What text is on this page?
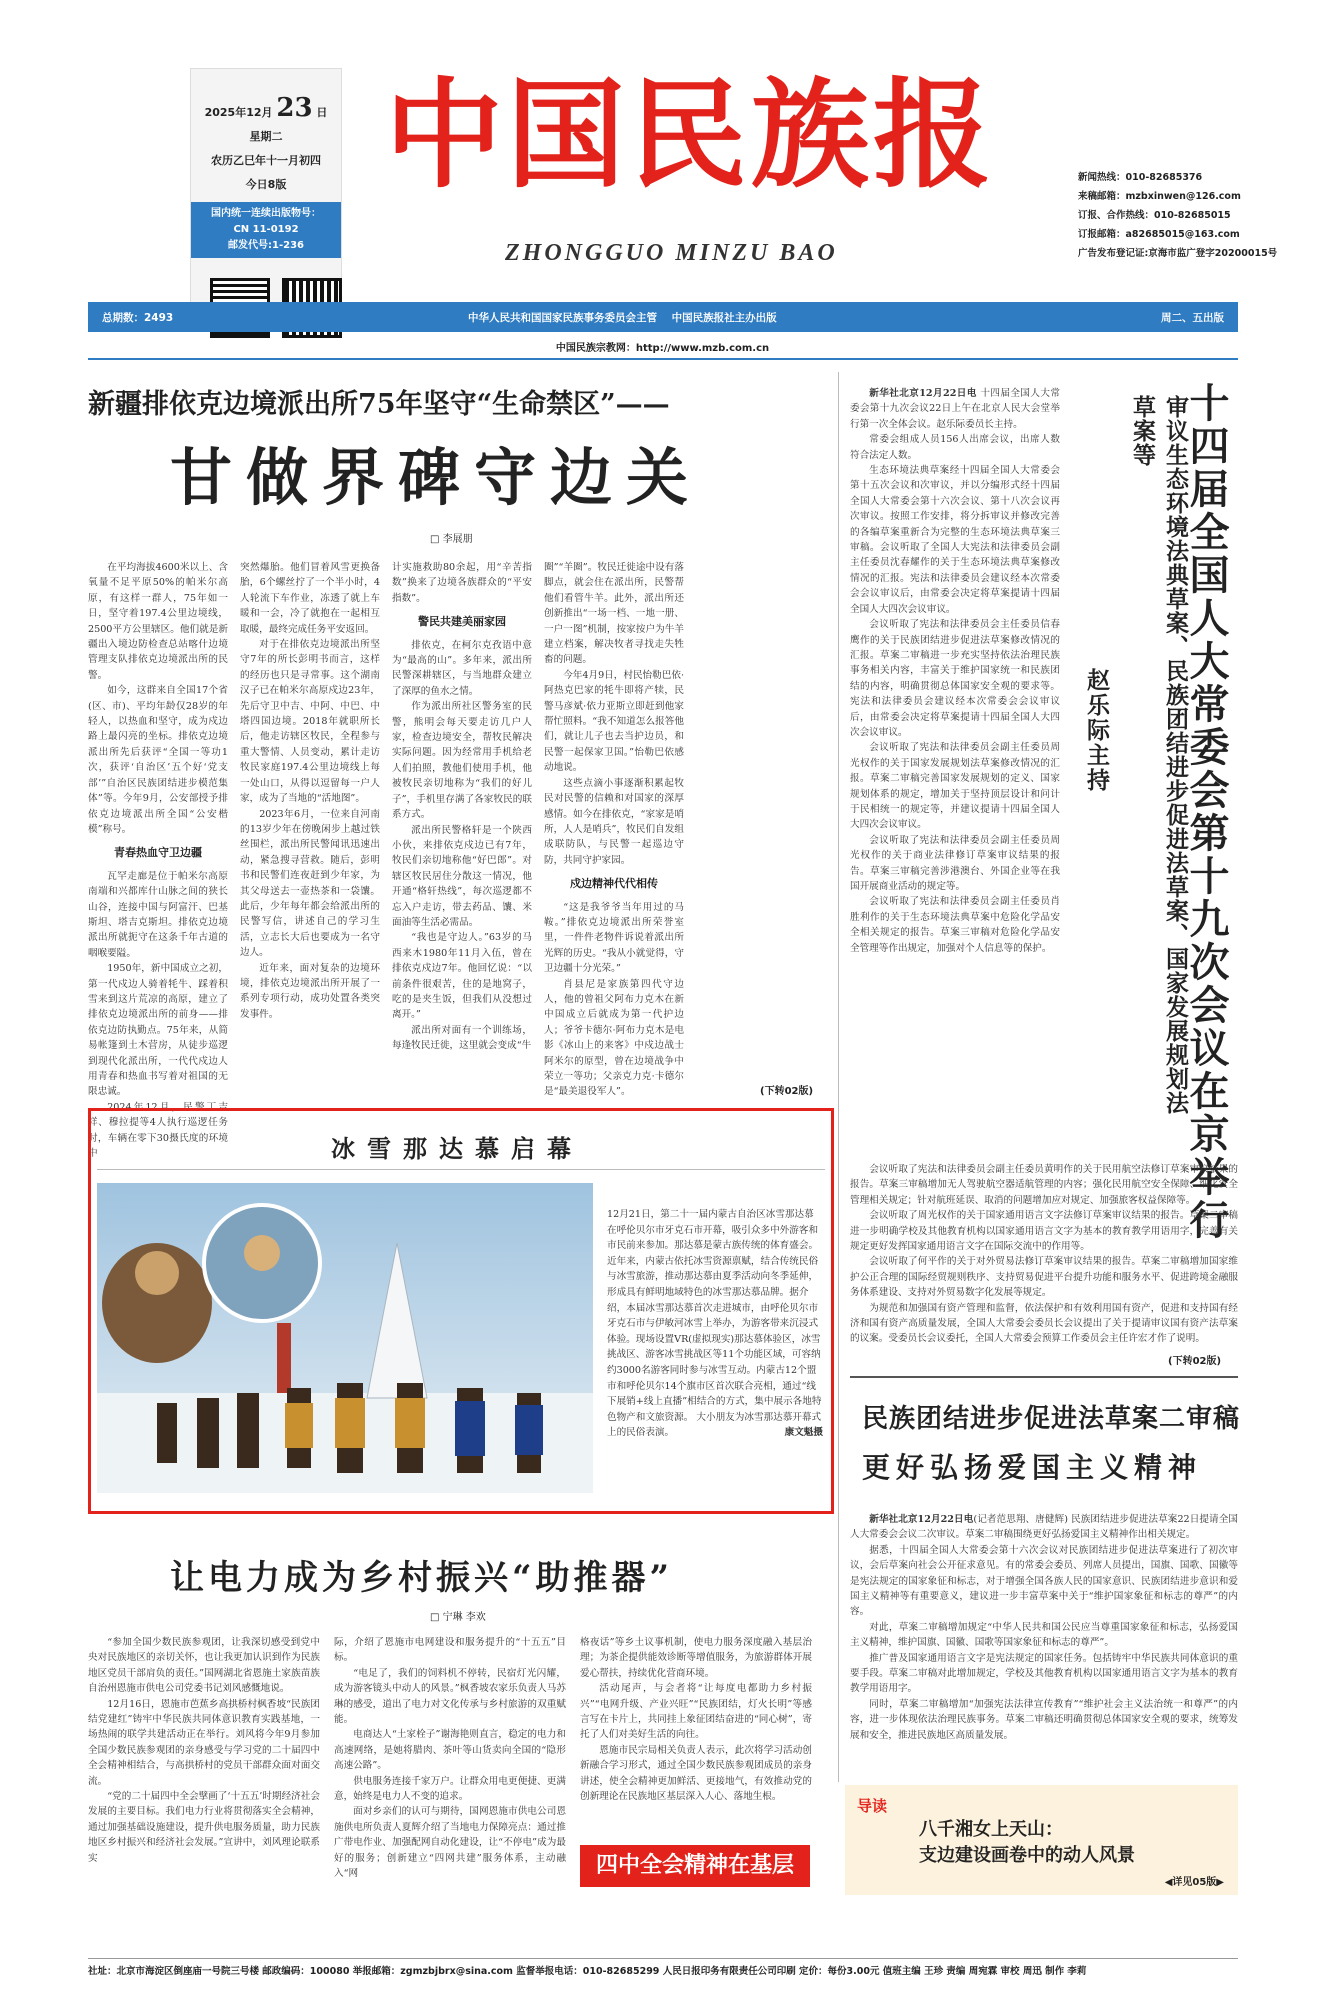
2025年12月 23 日
星期二
农历乙巳年十一月初四
今日8版
国内统一连续出版物号：
CN 11-0192
邮发代号:1-236
中国民族报
ZHONGGUO MINZU BAO
新闻热线：010-82685376
来稿邮箱：mzbxinwen@126.com
订报、合作热线：010-82685015
订报邮箱：a82685015@163.com
广告发布登记证:京海市监广登字20200015号
总期数：2493	中华人民共和国国家民族事务委员会主管    中国民族报社主办出版	周二、五出版
中国民族宗教网：http://www.mzb.com.cn
新疆排依克边境派出所75年坚守“生命禁区”——
甘做界碑守边关
□ 李展朋

在平均海拔4600米以上、含氧量不足平原50%的帕米尔高原，有这样一群人，75年如一日，坚守着197.4公里边境线，2500平方公里辖区。他们就是新疆出入境边防检查总站喀什边境管理支队排依克边境派出所的民警。

如今，这群来自全国17个省(区、市)、平均年龄仅28岁的年轻人，以热血和坚守，成为戍边路上最闪亮的坐标。排依克边境派出所先后获评“全国一等功1次，获评‘自治区’五个好‘党支部’”自治区民族团结进步模范集体”等。今年9月，公安部授予排依克边境派出所全国“公安楷模”称号。

青春热血守卫边疆

瓦罕走廊是位于帕米尔高原南端和兴都库什山脉之间的狭长山谷，连接中国与阿富汗、巴基斯坦、塔吉克斯坦。排依克边境派出所就扼守在这条千年古道的咽喉要隘。

1950年，新中国成立之初，第一代戍边人骑着牦牛、踩着积雪来到这片荒凉的高原，建立了排依克边境派出所的前身——排依克边防执勤点。75年来，从简易帐篷到土木营房，从徒步巡逻到现代化派出所，一代代戍边人用青春和热血书写着对祖国的无限忠诚。

2024年12月，民警丁吉祥、穆拉提等4人执行巡逻任务时，车辆在零下30摄氏度的环境中

突然爆胎。他们冒着风雪更换备胎，6个螺丝拧了一个半小时，4人轮流下车作业，冻透了就上车暖和一会，冷了就抱在一起相互取暖，最终完成任务平安返回。

对于在排依克边境派出所坚守7年的所长彭明书而言，这样的经历也只是寻常事。这个湖南汉子已在帕米尔高原戍边23年，先后守卫中吉、中阿、中巴、中塔四国边境。2018年就职所长后，他走访辖区牧民，全程参与重大警情、人员变动，累计走访牧民家庭197.4公里边境线上每一处山口，从得以逗留每一户人家，成为了当地的“活地图”。

2023年6月，一位来自河南的13岁少年在傍晚闲步上越过铁丝围栏，派出所民警闻讯迅速出动，紧急搜寻营救。随后，彭明书和民警们连夜赶到少年家，为其父母送去一壶热茶和一袋馕。此后，少年每年都会给派出所的民警写信，讲述自己的学习生活，立志长大后也要成为一名守边人。

近年来，面对复杂的边境环境，排依克边境派出所开展了一系列专项行动，成功处置各类突发事件。

计实施救助80余起，用“辛苦指数”换来了边境各族群众的“平安指数”。

警民共建美丽家园

排依克，在柯尔克孜语中意为“最高的山”。多年来，派出所民警深耕辖区，与当地群众建立了深厚的鱼水之情。

作为派出所社区警务室的民警，熊明会每天要走访几户人家，检查边境安全，帮牧民解决实际问题。因为经常用手机给老人们拍照，教他们使用手机，他被牧民亲切地称为“我们的好儿子”，手机里存满了各家牧民的联系方式。

派出所民警格轩是一个陕西小伙，来排依克戍边已有7年，牧民们亲切地称他“好巴郎”。对辖区牧民居住分散这一情况，他开通“格轩热线”，每次巡逻都不忘入户走访，带去药品、馕、米面油等生活必需品。

“我也是守边人。”63岁的马西来木1980年11月入伍，曾在排依克戍边7年。他回忆说：“以前条件很艰苦，住的是地窝子，吃的是夹生饭，但我们从没想过离开。”

派出所对面有一个训练场，每逢牧民迁徙，这里就会变成“牛

圈”“羊圈”。牧民迁徙途中设有落脚点，就会住在派出所，民警帮他们看管牛羊。此外，派出所还创新推出“一场一档、一地一册、一户一图”机制，按家按户为牛羊建立档案，解决牧者寻找走失牲畜的问题。

今年4月9日，村民怡勒巴依·阿热克巴家的牦牛即将产犊，民警马彦斌·依力亚斯立即赶到他家帮忙照料。“我不知道怎么报答他们，就让儿子也去当护边员，和民警一起保家卫国。”怡勒巴依感动地说。

这些点滴小事逐渐积累起牧民对民警的信赖和对国家的深厚感情。如今在排依克，“家家是哨所，人人是哨兵”，牧民们自发组成联防队，与民警一起巡边守防，共同守护家园。

戍边精神代代相传

“这是我爷爷当年用过的马鞍。”排依克边境派出所荣誉室里，一件件老物件诉说着派出所光辉的历史。“我从小就觉得，守卫边疆十分光荣。”

肖县尼是家族第四代守边人，他的曾祖父阿布力克木在新中国成立后就成为第一代护边人；爷爷卡德尔·阿布力克木是电影《冰山上的来客》中戍边战士阿米尔的原型，曾在边境战争中荣立一等功；父亲克力克·卡德尔是“最美退役军人”。	(下转02版)
冰雪那达慕启幕
12月21日，第二十一届内蒙古自治区冰雪那达慕在呼伦贝尔市牙克石市开幕，吸引众多中外游客和市民前来参加。那达慕是蒙古族传统的体育盛会。近年来，内蒙古依托冰雪资源禀赋，结合传统民俗与冰雪旅游，推动那达慕由夏季活动向冬季延伸，形成具有鲜明地域特色的冰雪那达慕品牌。据介绍，本届冰雪那达慕首次走进城市，由呼伦贝尔市牙克石市与伊敏河冰雪上举办，为游客带来沉浸式体验。现场设置VR(虚拟现实)那达慕体验区，冰雪挑战区、游客冰雪挑战区等11个功能区域，可容纳约3000名游客同时参与冰雪互动。内蒙古12个盟市和呼伦贝尔14个旗市区首次联合亮相，通过“线下展销+线上直播”相结合的方式，集中展示各地特色物产和文旅资源。 大小朋友为冰雪那达慕开幕式上的民俗表演。	康文魁摄
让电力成为乡村振兴“助推器”
□ 宁琳 李欢

“参加全国少数民族参观团，让我深切感受到党中央对民族地区的亲切关怀，也让我更加认识到作为民族地区党员干部肩负的责任。”国网湖北省恩施土家族苗族自治州恩施市供电公司党委书记刘风感慨地说。

12月16日，恩施市芭蕉乡高拱桥村枫香坡“民族团结党建红”铸牢中华民族共同体意识教育实践基地，一场热闹的联学共建活动正在举行。刘风将今年9月参加全国少数民族参观团的亲身感受与学习党的二十届四中全会精神相结合，与高拱桥村的党员干部群众面对面交流。

“党的二十届四中全会擘画了‘十五五’时期经济社会发展的主要目标。我们电力行业将贯彻落实全会精神，通过加强基础设施建设，提升供电服务质量，助力民族地区乡村振兴和经济社会发展。”宣讲中，刘风理论联系实

际，介绍了恩施市电网建设和服务提升的“十五五”目标。

“电足了，我们的饲料机不停转，民宿灯光闪耀，成为游客镜头中动人的风景。”枫香坡农家乐负责人马苏琳的感受，道出了电力对文化传承与乡村旅游的双重赋能。

电商达人“土家栓子”谢海艳则直言，稳定的电力和高速网络，是她将腊肉、茶叶等山货卖向全国的“隐形高速公路”。

供电服务连接千家万户。让群众用电更便捷、更满意，始终是电力人不变的追求。

面对乡亲们的认可与期待，国网恩施市供电公司恩施供电所负责人夏辉介绍了当地电力保障亮点：通过推广带电作业、加强配网自动化建设，让“不停电”成为最好的服务；创新建立“四网共建”服务体系，主动融入“网

格夜话”等乡土议事机制，使电力服务深度融入基层治理；为茶企提供能效诊断等增值服务，为旅游群体开展爱心帮扶，持续优化营商环境。

活动尾声，与会者将“让每度电都助力乡村振兴”“电网升级、产业兴旺”“民族团结，灯火长明”等感言写在卡片上，共同挂上象征团结奋进的“同心树”，寄托了人们对美好生活的向往。

恩施市民宗局相关负责人表示，此次将学习活动创新融合学习形式，通过全国少数民族参观团成员的亲身讲述，使全会精神更加鲜活、更接地气，有效推动党的创新理论在民族地区基层深入人心、落地生根。

四中全会精神在基层
十四届全国人大常委会第十九次会议在京举行
审议生态环境法典草案、民族团结进步促进法草案、国家发展规划法草案等
赵乐际主持

新华社北京12月22日电 十四届全国人大常委会第十九次会议22日上午在北京人民大会堂举行第一次全体会议。赵乐际委员长主持。

常委会组成人员156人出席会议，出席人数符合法定人数。

生态环境法典草案经十四届全国人大常委会第十五次会议和次审议，并以分编形式经十四届全国人大常委会第十六次会议、第十八次会议再次审议。按照工作安排，将分拆审议并修改完善的各编草案重新合为完整的生态环境法典草案三审稿。会议听取了全国人大宪法和法律委员会副主任委员沈春耀作的关于生态环境法典草案修改情况的汇报。宪法和法律委员会建议经本次常委会会议审议后，由常委会决定将草案提请十四届全国人大四次会议审议。

会议听取了宪法和法律委员会主任委员信春鹰作的关于民族团结进步促进法草案修改情况的汇报。草案二审稿进一步充实坚持依法治理民族事务相关内容，丰富关于维护国家统一和民族团结的内容，明确贯彻总体国家安全观的要求等。宪法和法律委员会建议经本次常委会会议审议后，由常委会决定将草案提请十四届全国人大四次会议审议。

会议听取了宪法和法律委员会副主任委员周光权作的关于国家发展规划法草案修改情况的汇报。草案二审稿完善国家发展规划的定义、国家规划体系的规定，增加关于坚持顶层设计和问计于民相统一的规定等，并建议提请十四届全国人大四次会议审议。

会议听取了宪法和法律委员会副主任委员周光权作的关于商业法律修订草案审议结果的报告。草案三审稿完善涉港澳台、外国企业等在我国开展商业活动的规定等。

会议听取了宪法和法律委员会副主任委员肖胜利作的关于生态环境法典草案中危险化学品安全相关规定的报告。草案三审稿对危险化学品安全管理等作出规定，加强对个人信息等的保护。

会议听取了宪法和法律委员会副主任委员黄明作的关于民用航空法修订草案审议结果的报告。草案三审稿增加无人驾驶航空器适航管理的内容；强化民用航空安全保障、细化安全管理相关规定；针对航班延误、取消的问题增加应对规定、加强旅客权益保障等。

会议听取了周光权作的关于国家通用语言文字法修订草案审议结果的报告。草案二审稿进一步明确学校及其他教育机构以国家通用语言文字为基本的教育教学用语用字，完善有关规定更好发挥国家通用语言文字在国际交流中的作用等。

会议听取了何平作的关于对外贸易法修订草案审议结果的报告。草案二审稿增加国家维护公正合理的国际经贸规则秩序、支持贸易促进平台提升功能和服务水平、促进跨境金融服务体系建设、支持对外贸易数字化发展等规定。

为规范和加强国有资产管理和监督，依法保护和有效利用国有资产，促进和支持国有经济和国有资产高质量发展，全国人大常委会委员长会议提出了关于提请审议国有资产法草案的议案。受委员长会议委托，全国人大常委会预算工作委员会主任许宏才作了说明。

(下转02版)
民族团结进步促进法草案二审稿
更好弘扬爱国主义精神

新华社北京12月22日电(记者范思翔、唐健辉) 民族团结进步促进法草案22日提请全国人大常委会会议二次审议。草案二审稿围绕更好弘扬爱国主义精神作出相关规定。

据悉，十四届全国人大常委会第十六次会议对民族团结进步促进法草案进行了初次审议，会后草案向社会公开征求意见。有的常委会委员、列席人员提出，国旗、国歌、国徽等是宪法规定的国家象征和标志，对于增强全国各族人民的国家意识、民族团结进步意识和爱国主义精神等有重要意义，建议进一步丰富草案中关于“维护国家象征和标志的尊严”的内容。

对此，草案二审稿增加规定“中华人民共和国公民应当尊重国家象征和标志，弘扬爱国主义精神，维护国旗、国徽、国歌等国家象征和标志的尊严”。

推广普及国家通用语言文字是宪法规定的国家任务。包括铸牢中华民族共同体意识的重要手段。草案二审稿对此增加规定，学校及其他教育机构以国家通用语言文字为基本的教育教学用语用字。

同时，草案二审稿增加“加强宪法法律宣传教育”“维护社会主义法治统一和尊严”的内容，进一步体现依法治理民族事务。草案二审稿还明确贯彻总体国家安全观的要求，统筹发展和安全，推进民族地区高质量发展。

导读
八千湘女上天山：
支边建设画卷中的动人风景
◀详见05版▶
社址：北京市海淀区倒座庙一号院三号楼 邮政编码：100080 举报邮箱：zgmzbjbrx@sina.com 监督举报电话：010-82685299 人民日报印务有限责任公司印刷 定价：每份3.00元 值班主编 王珍 责编 周宛霖 审校 周迅 制作 李莉
